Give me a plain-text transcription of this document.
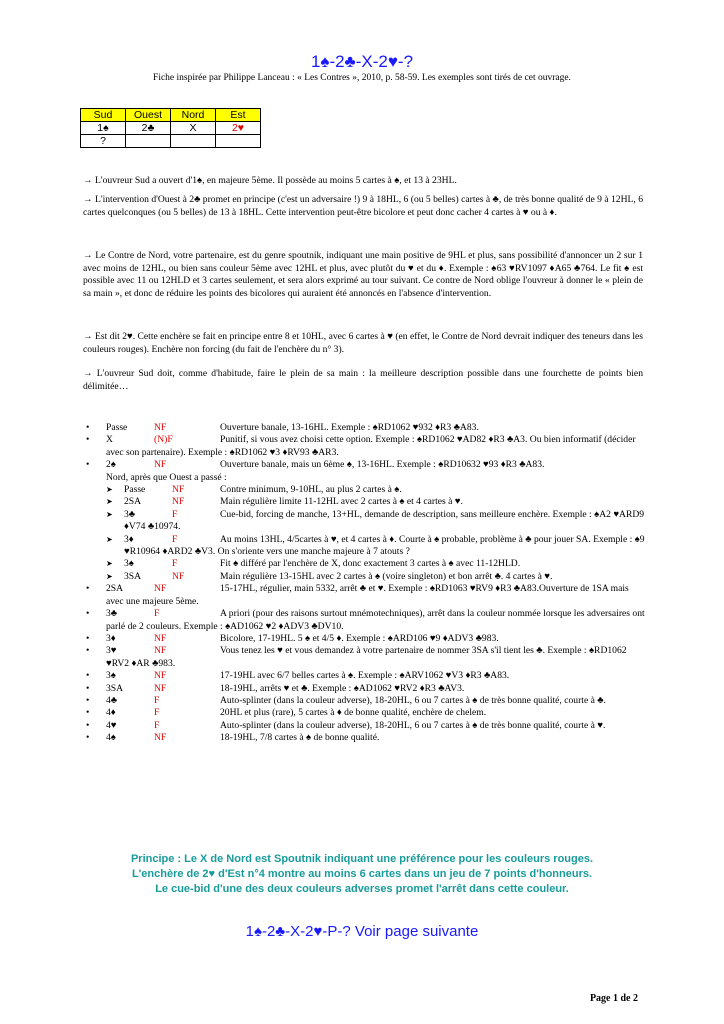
1♠-2♣-X-2♥-?
Fiche inspirée par Philippe Lanceau : « Les Contres », 2010, p. 58-59. Les exemples sont tirés de cet ouvrage.
Sud	Ouest	Nord	Est
1♠	2♣	X	2♥
?			
→ L'ouvreur Sud a ouvert d'1♠, en majeure 5ème. Il possède au moins 5 cartes à ♠, et 13 à 23HL.
→ L'intervention d'Ouest à 2♣ promet en principe (c'est un adversaire !) 9 à 18HL, 6 (ou 5 belles) cartes à ♣, de très bonne qualité de 9 à 12HL, 6 cartes quelconques (ou 5 belles) de 13 à 18HL. Cette intervention peut-être bicolore et peut donc cacher 4 cartes à ♥ ou à ♦.
→ Le Contre de Nord, votre partenaire, est du genre spoutnik, indiquant une main positive de 9HL et plus, sans possibilité d'annoncer un 2 sur 1 avec moins de 12HL, ou bien sans couleur 5ème avec 12HL et plus, avec plutôt du ♥ et du ♦. Exemple : ♠63 ♥RV1097 ♦A65 ♣764. Le fit ♠ est possible avec 11 ou 12HLD et 3 cartes seulement, et sera alors exprimé au tour suivant. Ce contre de Nord oblige l'ouvreur à donner le « plein de sa main », et donc de réduire les points des bicolores qui auraient été annoncés en l'absence d'intervention.
→ Est dit 2♥. Cette enchère se fait en principe entre 8 et 10HL, avec 6 cartes à ♥ (en effet, le Contre de Nord devrait indiquer des teneurs dans les couleurs rouges). Enchère non forcing (du fait de l'enchère du n° 3).
→ L'ouvreur Sud doit, comme d'habitude, faire le plein de sa main : la meilleure description possible dans une fourchette de points bien délimitée…
• Passe	NF	Ouverture banale, 13-16HL. Exemple : ♠RD1062 ♥932 ♦R3 ♣A83.
• X	(N)F	Punitif, si vous avez choisi cette option. Exemple : ♠RD1062 ♥AD82 ♦R3 ♣A3. Ou bien informatif (décider avec son partenaire). Exemple : ♠RD1062 ♥3 ♦RV93 ♣AR3.
• 2♠	NF	Ouverture banale, mais un 6ème ♠, 13-16HL. Exemple : ♠RD10632 ♥93 ♦R3 ♣A83.
Nord, après que Ouest a passé :
➤ Passe	NF	Contre minimum, 9-10HL, au plus 2 cartes à ♠.
➤ 2SA	NF	Main régulière limite 11-12HL avec 2 cartes à ♠ et 4 cartes à ♥.
➤ 3♣	F	Cue-bid, forcing de manche, 13+HL, demande de description, sans meilleure enchère. Exemple : ♠A2 ♥ARD9 ♦V74 ♣10974.
➤ 3♦	F	Au moins 13HL, 4/5cartes à ♥, et 4 cartes à ♦. Courte à ♠ probable, problème à ♣ pour jouer SA. Exemple : ♠9 ♥R10964 ♦ARD2 ♣V3. On s'oriente vers une manche majeure à 7 atouts ?
➤ 3♠	F	Fit ♠ différé par l'enchère de X, donc exactement 3 cartes à ♠ avec 11-12HLD.
➤ 3SA	NF	Main régulière 13-15HL avec 2 cartes à ♠ (voire singleton) et bon arrêt ♣. 4 cartes à ♥.
• 2SA	NF	15-17HL, régulier, main 5332, arrêt ♣ et ♥. Exemple : ♠RD1063 ♥RV9 ♦R3 ♣A83.Ouverture de 1SA mais avec une majeure 5ème.
• 3♣	F	A priori (pour des raisons surtout mnémotechniques), arrêt dans la couleur nommée lorsque les adversaires ont parlé de 2 couleurs. Exemple : ♠AD1062 ♥2 ♦ADV3 ♣DV10.
• 3♦	NF	Bicolore, 17-19HL. 5 ♠ et 4/5 ♦. Exemple : ♠ARD106 ♥9 ♦ADV3 ♣983.
• 3♥	NF	Vous tenez les ♥ et vous demandez à votre partenaire de nommer 3SA s'il tient les ♣. Exemple : ♠RD1062 ♥RV2 ♦AR ♣983.
• 3♠	NF	17-19HL avec 6/7 belles cartes à ♠. Exemple : ♠ARV1062 ♥V3 ♦R3 ♣A83.
• 3SA	NF	18-19HL, arrêts ♥ et ♣. Exemple : ♠AD1062 ♥RV2 ♦R3 ♣AV3.
• 4♣	F	Auto-splinter (dans la couleur adverse), 18-20HL, 6 ou 7 cartes à ♠ de très bonne qualité, courte à ♣.
• 4♦	F	20HL et plus (rare), 5 cartes à ♦ de bonne qualité, enchère de chelem.
• 4♥	F	Auto-splinter (dans la couleur adverse), 18-20HL, 6 ou 7 cartes à ♠ de très bonne qualité, courte à ♥.
• 4♠	NF	18-19HL, 7/8 cartes à ♠ de bonne qualité.
Principe : Le X de Nord est Spoutnik indiquant une préférence pour les couleurs rouges.
L'enchère de 2♥ d'Est n°4 montre au moins 6 cartes dans un jeu de 7 points d'honneurs.
Le cue-bid d'une des deux couleurs adverses promet l'arrêt dans cette couleur.
1♠-2♣-X-2♥-P-? Voir page suivante
Page 1 de 2
